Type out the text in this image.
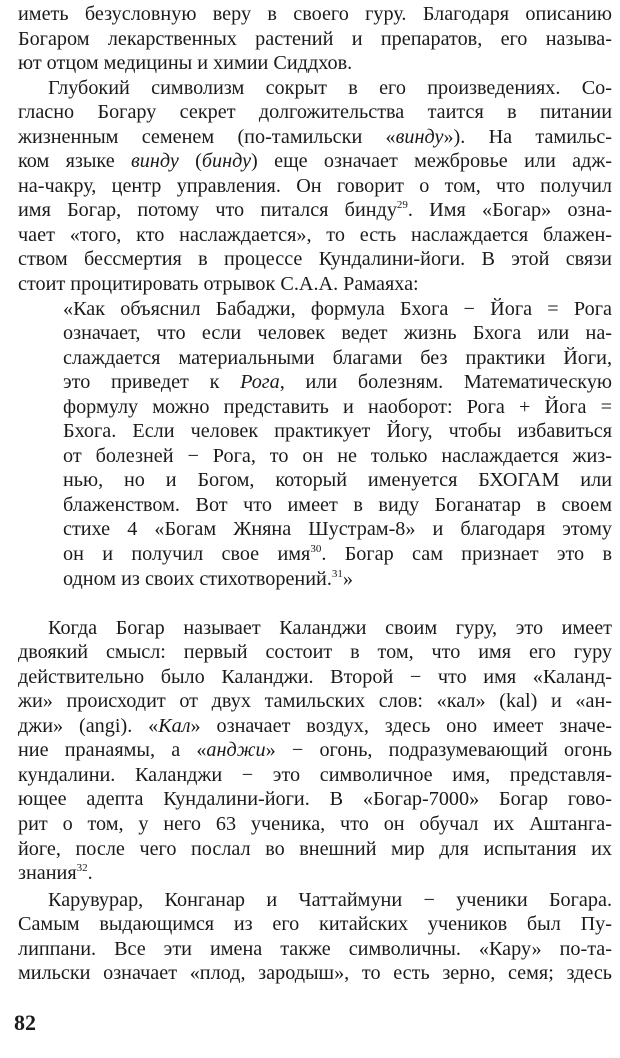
иметь безусловную веру в своего гуру. Благодаря описанию
Богаром лекарственных растений и препаратов, его называ-
ют отцом медицины и химии Сиддхов.
Глубокий символизм сокрыт в его произведениях. Со-
гласно Богару секрет долгожительства таится в питании
жизненным семенем (по-тамильски «винду»). На тамильс-
ком языке винду (бинду) еще означает межбровье или адж-
на-чакру, центр управления. Он говорит о том, что получил
имя Богар, потому что питался бинду$^{29}$. Имя «Богар» озна-
чает «того, кто наслаждается», то есть наслаждается блажен-
ством бессмертия в процессе Кундалини-йоги. В этой связи
стоит процитировать отрывок С.А.А. Рамаяха:
«Как объяснил Бабаджи, формула Бхога − Йога = Рога
означает, что если человек ведет жизнь Бхога или на-
слаждается материальными благами без практики Йоги,
это приведет к Рога, или болезням. Математическую
формулу можно представить и наоборот: Рога + Йога =
Бхога. Если человек практикует Йогу, чтобы избавиться
от болезней − Рога, то он не только наслаждается жиз-
нью, но и Богом, который именуется БХОГАМ или
блаженством. Вот что имеет в виду Боганатар в своем
стихе 4 «Богам Жняна Шустрам-8» и благодаря этому
он и получил свое имя$^{30}$. Богар сам признает это в
одном из своих стихотворений.$^{31}$»
Когда Богар называет Каланджи своим гуру, это имеет
двоякий смысл: первый состоит в том, что имя его гуру
действительно было Каланджи. Второй − что имя «Каланд-
жи» происходит от двух тамильских слов: «кал» (kal) и «ан-
джи» (angi). «Кал» означает воздух, здесь оно имеет значе-
ние пранаямы, а «анджи» − огонь, подразумевающий огонь
кундалини. Каланджи − это символичное имя, представля-
ющее адепта Кундалини-йоги. В «Богар-7000» Богар гово-
рит о том, у него 63 ученика, что он обучал их Аштанга-
йоге, после чего послал во внешний мир для испытания их
знания$^{32}$.
Карувурар, Конганар и Чаттаймуни − ученики Богара.
Самым выдающимся из его китайских учеников был Пу-
липпани. Все эти имена также символичны. «Кару» по-та-
мильски означает «плод, зародыш», то есть зерно, семя; здесь
82
